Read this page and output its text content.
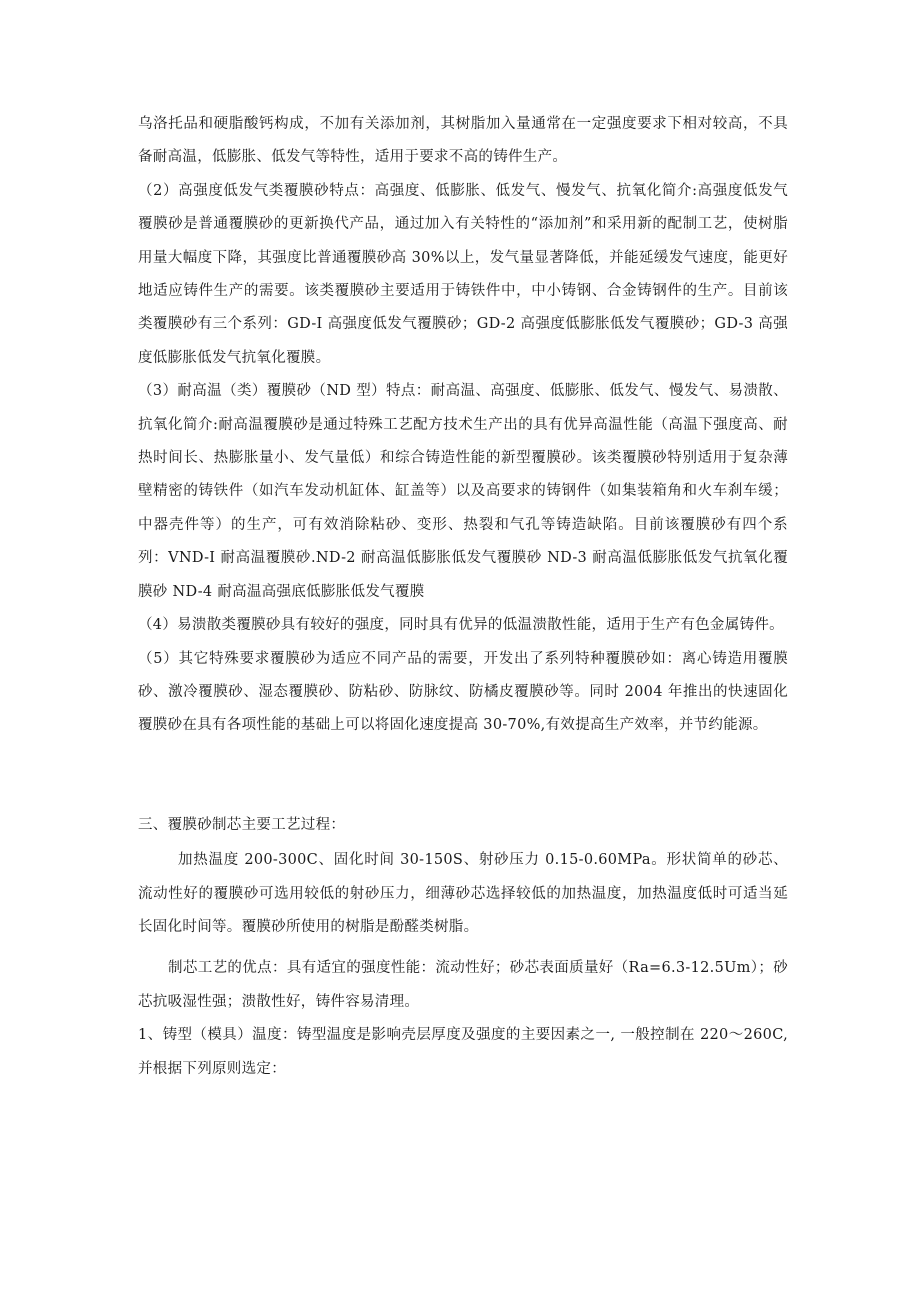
乌洛托品和硬脂酸钙构成，不加有关添加剂，其树脂加入量通常在一定强度要求下相对较高，不具备耐高温，低膨胀、低发气等特性，适用于要求不高的铸件生产。

（2）高强度低发气类覆膜砂特点：高强度、低膨胀、低发气、慢发气、抗氧化简介:高强度低发气覆膜砂是普通覆膜砂的更新换代产品，通过加入有关特性的“添加剂”和采用新的配制工艺，使树脂用量大幅度下降，其强度比普通覆膜砂高 30%以上，发气量显著降低，并能延缓发气速度，能更好地适应铸件生产的需要。该类覆膜砂主要适用于铸铁件中，中小铸钢、合金铸钢件的生产。目前该类覆膜砂有三个系列：GD-I 高强度低发气覆膜砂；GD-2 高强度低膨胀低发气覆膜砂；GD-3 高强度低膨胀低发气抗氧化覆膜。

（3）耐高温（类）覆膜砂（ND 型）特点：耐高温、高强度、低膨胀、低发气、慢发气、易溃散、抗氧化简介:耐高温覆膜砂是通过特殊工艺配方技术生产出的具有优异高温性能（高温下强度高、耐热时间长、热膨胀量小、发气量低）和综合铸造性能的新型覆膜砂。该类覆膜砂特别适用于复杂薄壁精密的铸铁件（如汽车发动机缸体、缸盖等）以及高要求的铸钢件（如集装箱角和火车刹车缓；中器壳件等）的生产，可有效消除粘砂、变形、热裂和气孔等铸造缺陷。目前该覆膜砂有四个系列：VND-I 耐高温覆膜砂.ND-2 耐高温低膨胀低发气覆膜砂 ND-3 耐高温低膨胀低发气抗氧化覆膜砂 ND-4 耐高温高强底低膨胀低发气覆膜

（4）易溃散类覆膜砂具有较好的强度，同时具有优异的低温溃散性能，适用于生产有色金属铸件。

（5）其它特殊要求覆膜砂为适应不同产品的需要，开发出了系列特种覆膜砂如：离心铸造用覆膜砂、激冷覆膜砂、湿态覆膜砂、防粘砂、防脉纹、防橘皮覆膜砂等。同时 2004 年推出的快速固化覆膜砂在具有各项性能的基础上可以将固化速度提高 30-70%,有效提高生产效率，并节约能源。

三、覆膜砂制芯主要工艺过程：

加热温度 200-300C、固化时间 30-150S、射砂压力 0.15-0.60MPa。形状简单的砂芯、流动性好的覆膜砂可选用较低的射砂压力，细薄砂芯选择较低的加热温度，加热温度低时可适当延长固化时间等。覆膜砂所使用的树脂是酚醛类树脂。

制芯工艺的优点：具有适宜的强度性能：流动性好；砂芯表面质量好（Ra=6.3-12.5Um）；砂芯抗吸湿性强；溃散性好，铸件容易清理。

1、铸型（模具）温度：铸型温度是影响壳层厚度及强度的主要因素之一, 一般控制在 220～260C,并根据下列原则选定：
